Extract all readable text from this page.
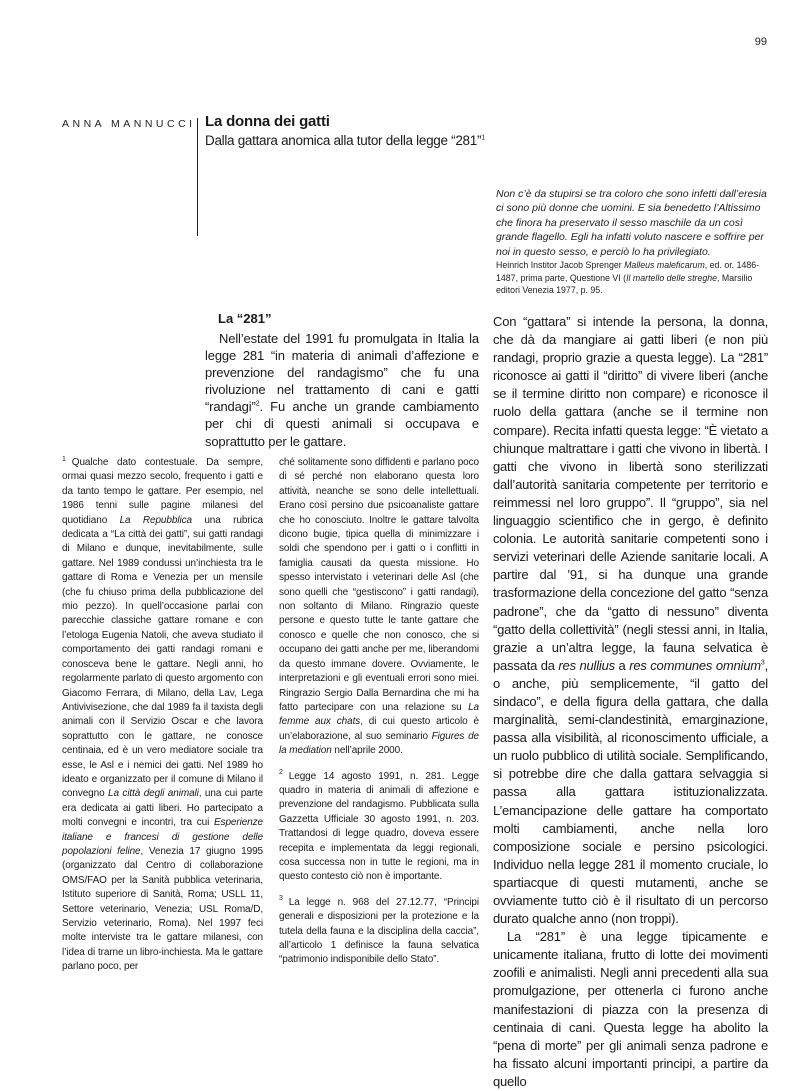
99
ANNA MANNUCCI La donna dei gatti
Dalla gattara anomica alla tutor della legge “281”$^1$
Non c’è da stupirsi se tra coloro che sono infetti dall’eresia ci sono più donne che uomini. E sia benedetto l’Altissimo che finora ha preservato il sesso maschile da un così grande flagello. Egli ha infatti voluto nascere e soffrire per noi in questo sesso, e perciò lo ha privilegiato.
Heinrich Institor Jacob Sprenger Malleus maleficarum, ed. or. 1486-1487, prima parte, Questione VI (Il martello delle streghe, Marsilio editori Venezia 1977, p. 95.
La “281”

Nell’estate del 1991 fu promulgata in Italia la legge 281 “in materia di animali d’affezione e prevenzione del randagismo” che fu una rivoluzione nel trattamento di cani e gatti “randagi”$^2$. Fu anche un grande cambiamento per chi di questi animali si occupava e soprattutto per le gattare.

Con “gattara” si intende la persona, la donna, che dà da mangiare ai gatti liberi (e non più randagi, proprio grazie a questa legge). La “281” riconosce ai gatti il “diritto” di vivere liberi (anche se il termine diritto non compare) e riconosce il ruolo della gattara (anche se il termine non compare). Recita infatti questa legge: “È vietato a chiunque maltrattare i gatti che vivono in libertà. I gatti che vivono in libertà sono sterilizzati dall’autorità sanitaria competente per territorio e reimmessi nel loro gruppo”. Il “gruppo”, sia nel linguaggio scientifico che in gergo, è definito colonia. Le autorità sanitarie competenti sono i servizi veterinari delle Aziende sanitarie locali. A partire dal ’91, si ha dunque una grande trasformazione della concezione del gatto “senza padrone”, che da “gatto di nessuno” diventa “gatto della collettività” (negli stessi anni, in Italia, grazie a un’altra legge, la fauna selvatica è passata da res nullius a res communes omnium$^3$, o anche, più semplicemente, “il gatto del sindaco”, e della figura della gattara, che dalla marginalità, semi-clandestinità, emarginazione, passa alla visibilità, al riconoscimento ufficiale, a un ruolo pubblico di utilità sociale. Semplificando, si potrebbe dire che dalla gattara selvaggia si passa alla gattara istituzionalizzata. L’emancipazione delle gattare ha comportato molti cambiamenti, anche nella loro composizione sociale e persino psicologici. Individuo nella legge 281 il momento cruciale, lo spartiacque di questi mutamenti, anche se ovviamente tutto ciò è il risultato di un percorso durato qualche anno (non troppi).

La “281” è una legge tipicamente e unicamente italiana, frutto di lotte dei movimenti zoofili e animalisti. Negli anni precedenti alla sua promulgazione, per ottenerla ci furono anche manifestazioni di piazza con la presenza di centinaia di cani. Questa legge ha abolito la “pena di morte” per gli animali senza padrone e ha fissato alcuni importanti principi, a partire da quello

$^1$ Qualche dato contestuale. Da sempre, ormai quasi mezzo secolo, frequento i gatti e da tanto tempo le gattare. Per esempio, nel 1986 tenni sulle pagine milanesi del quotidiano La Repubblica una rubrica dedicata a “La città dei gatti”, sui gatti randagi di Milano e dunque, inevitabilmente, sulle gattare. Nel 1989 condussi un’inchiesta tra le gattare di Roma e Venezia per un mensile (che fu chiuso prima della pubblicazione del mio pezzo). In quell’occasione parlai con parecchie classiche gattare romane e con l’etologa Eugenia Natoli, che aveva studiato il comportamento dei gatti randagi romani e conosceva bene le gattare. Negli anni, ho regolarmente parlato di questo argomento con Giacomo Ferrara, di Milano, della Lav, Lega Antivivisezione, che dal 1989 fa il taxista degli animali con il Servizio Oscar e che lavora soprattutto con le gattare, ne conosce centinaia, ed è un vero mediatore sociale tra esse, le Asl e i nemici dei gatti. Nel 1989 ho ideato e organizzato per il comune di Milano il convegno La città degli animali, una cui parte era dedicata ai gatti liberi. Ho partecipato a molti convegni e incontri, tra cui Esperienze italiane e francesi di gestione delle popolazioni feline, Venezia 17 giugno 1995 (organizzato dal Centro di collaborazione OMS/FAO per la Sanità pubblica veterinaria, Istituto superiore di Sanità, Roma; USLL 11, Settore veterinario, Venezia; USL Roma/D, Servizio veterinario, Roma). Nel 1997 feci molte interviste tra le gattare milanesi, con l’idea di trarne un libro-inchiesta. Ma le gattare parlano poco, per

ché solitamente sono diffidenti e parlano poco di sé perché non elaborano questa loro attività, neanche se sono delle intellettuali. Erano così persino due psicoanaliste gattare che ho conosciuto. Inoltre le gattare talvolta dicono bugie, tipica quella di minimizzare i soldi che spendono per i gatti o i conflitti in famiglia causati da questa missione. Ho spesso intervistato i veterinari delle Asl (che sono quelli che “gestiscono” i gatti randagi), non soltanto di Milano. Ringrazio queste persone e questo tutte le tante gattare che conosco e quelle che non conosco, che si occupano dei gatti anche per me, liberandomi da questo immane dovere. Ovviamente, le interpretazioni e gli eventuali errori sono miei. Ringrazio Sergio Dalla Bernardina che mi ha fatto partecipare con una relazione su La femme aux chats, di cui questo articolo è un’elaborazione, al suo seminario Figures de la mediation nell’aprile 2000.

$^2$ Legge 14 agosto 1991, n. 281. Legge quadro in materia di animali di affezione e prevenzione del randagismo. Pubblicata sulla Gazzetta Ufficiale 30 agosto 1991, n. 203. Trattandosi di legge quadro, doveva essere recepita e implementata da leggi regionali, cosa successa non in tutte le regioni, ma in questo contesto ciò non è importante.

$^3$ La legge n. 968 del 27.12.77, “Principi generali e disposizioni per la protezione e la tutela della fauna e la disciplina della caccia”, all’articolo 1 definisce la fauna selvatica “patrimonio indisponibile dello Stato”.
